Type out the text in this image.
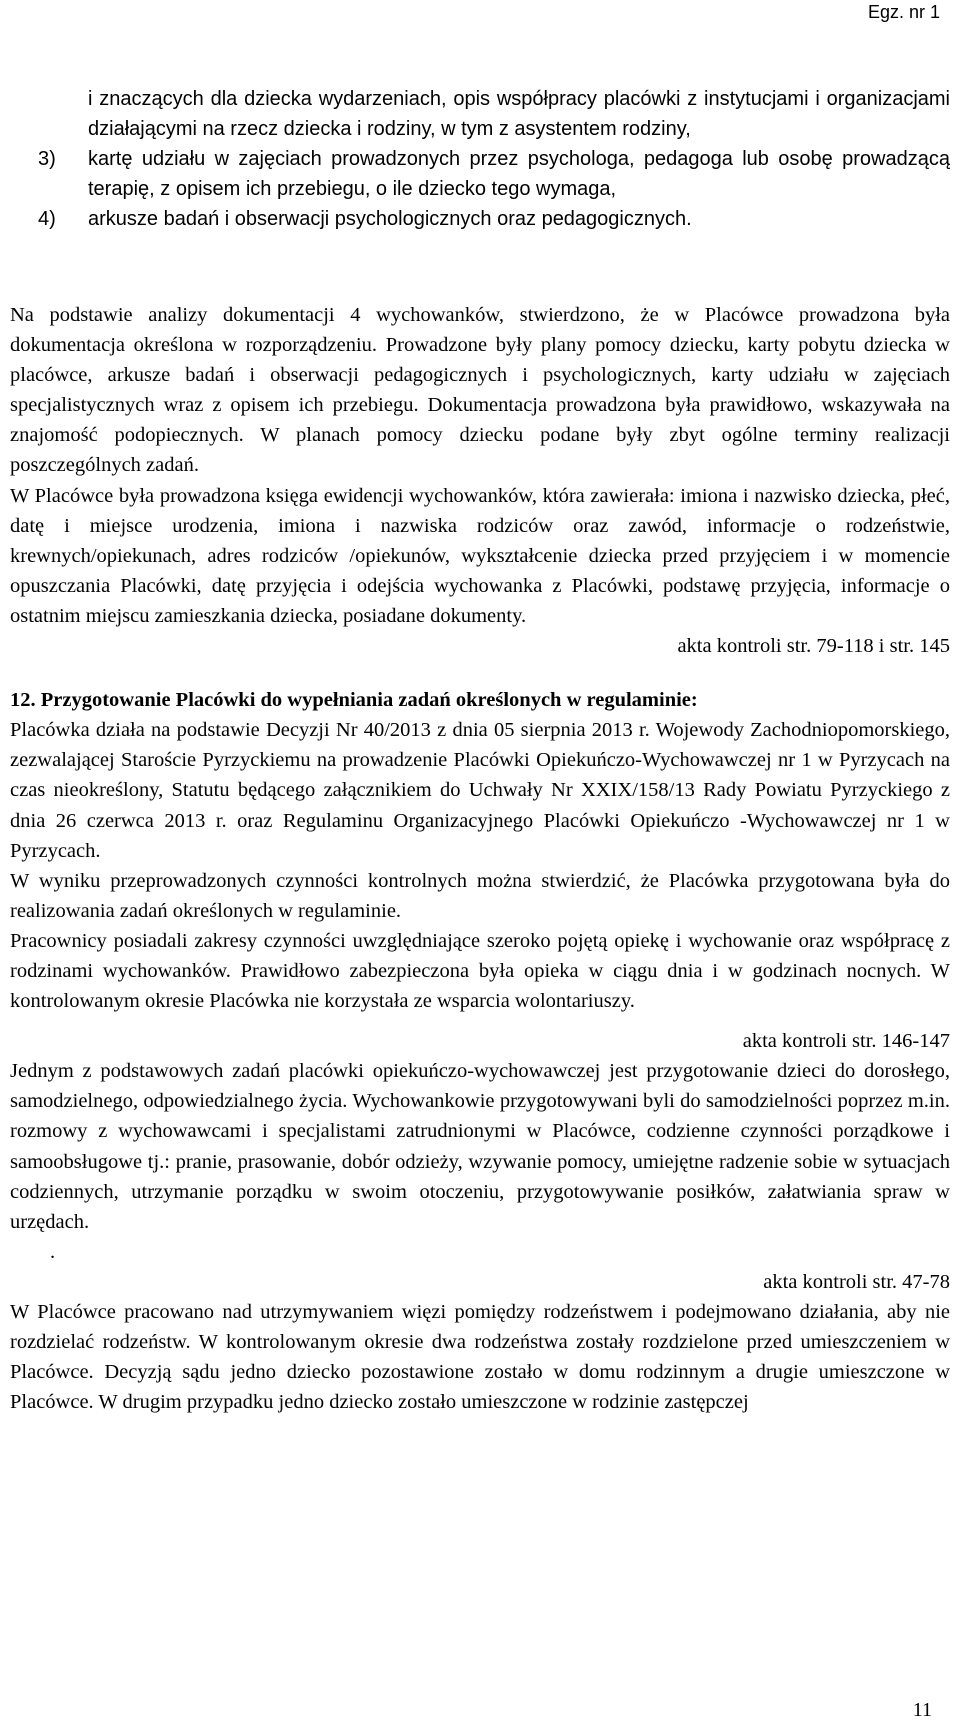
Egz. nr 1
i znaczących dla dziecka wydarzeniach, opis współpracy placówki z instytucjami i organizacjami działającymi na rzecz dziecka i rodziny, w tym z asystentem rodziny,
3)	kartę udziału w zajęciach prowadzonych przez psychologa, pedagoga lub osobę prowadzącą terapię, z opisem ich przebiegu, o ile dziecko tego wymaga,
4)	arkusze badań i obserwacji psychologicznych oraz pedagogicznych.

Na podstawie analizy dokumentacji 4 wychowanków, stwierdzono, że w Placówce prowadzona była dokumentacja określona w rozporządzeniu. Prowadzone były plany pomocy dziecku, karty pobytu dziecka w placówce, arkusze badań i obserwacji pedagogicznych i psychologicznych, karty udziału w zajęciach specjalistycznych wraz z opisem ich przebiegu. Dokumentacja prowadzona była prawidłowo, wskazywała na znajomość podopiecznych. W planach pomocy dziecku podane były zbyt ogólne terminy realizacji poszczególnych zadań.

W Placówce była prowadzona księga ewidencji wychowanków, która zawierała: imiona i nazwisko dziecka, płeć, datę i miejsce urodzenia, imiona i nazwiska rodziców oraz zawód, informacje o rodzeństwie, krewnych/opiekunach, adres rodziców /opiekunów, wykształcenie dziecka przed przyjęciem i w momencie opuszczania Placówki, datę przyjęcia i odejścia wychowanka z Placówki, podstawę przyjęcia, informacje o ostatnim miejscu zamieszkania dziecka, posiadane dokumenty.

akta kontroli str. 79-118 i str. 145

12. Przygotowanie Placówki do wypełniania zadań określonych w regulaminie:

Placówka działa na podstawie Decyzji Nr 40/2013 z dnia 05 sierpnia 2013 r. Wojewody Zachodniopomorskiego, zezwalającej Staroście Pyrzyckiemu na prowadzenie Placówki Opiekuńczo-Wychowawczej nr 1 w Pyrzycach na czas nieokreślony, Statutu będącego załącznikiem do Uchwały Nr XXIX/158/13 Rady Powiatu Pyrzyckiego z dnia 26 czerwca 2013 r. oraz Regulaminu Organizacyjnego Placówki Opiekuńczo -Wychowawczej nr 1 w Pyrzycach.

W wyniku przeprowadzonych czynności kontrolnych można stwierdzić, że Placówka przygotowana była do realizowania zadań określonych w regulaminie.

Pracownicy posiadali zakresy czynności uwzględniające szeroko pojętą opiekę i wychowanie oraz współpracę z rodzinami wychowanków. Prawidłowo zabezpieczona była opieka w ciągu dnia i w godzinach nocnych. W kontrolowanym okresie Placówka nie korzystała ze wsparcia wolontariuszy.

akta kontroli str. 146-147

Jednym z podstawowych zadań placówki opiekuńczo-wychowawczej jest przygotowanie dzieci do dorosłego, samodzielnego, odpowiedzialnego życia. Wychowankowie przygotowywani byli do samodzielności poprzez m.in. rozmowy z wychowawcami i specjalistami zatrudnionymi w Placówce, codzienne czynności porządkowe i samoobsługowe tj.: pranie, prasowanie, dobór odzieży, wzywanie pomocy, umiejętne radzenie sobie w sytuacjach codziennych, utrzymanie porządku w swoim otoczeniu, przygotowywanie posiłków, załatwiania spraw w urzędach.

.

akta kontroli str. 47-78

W Placówce pracowano nad utrzymywaniem więzi pomiędzy rodzeństwem i podejmowano działania, aby nie rozdzielać rodzeństw. W kontrolowanym okresie dwa rodzeństwa zostały rozdzielone przed umieszczeniem w Placówce. Decyzją sądu jedno dziecko pozostawione zostało w domu rodzinnym a drugie umieszczone w Placówce. W drugim przypadku jedno dziecko zostało umieszczone w rodzinie zastępczej

11
